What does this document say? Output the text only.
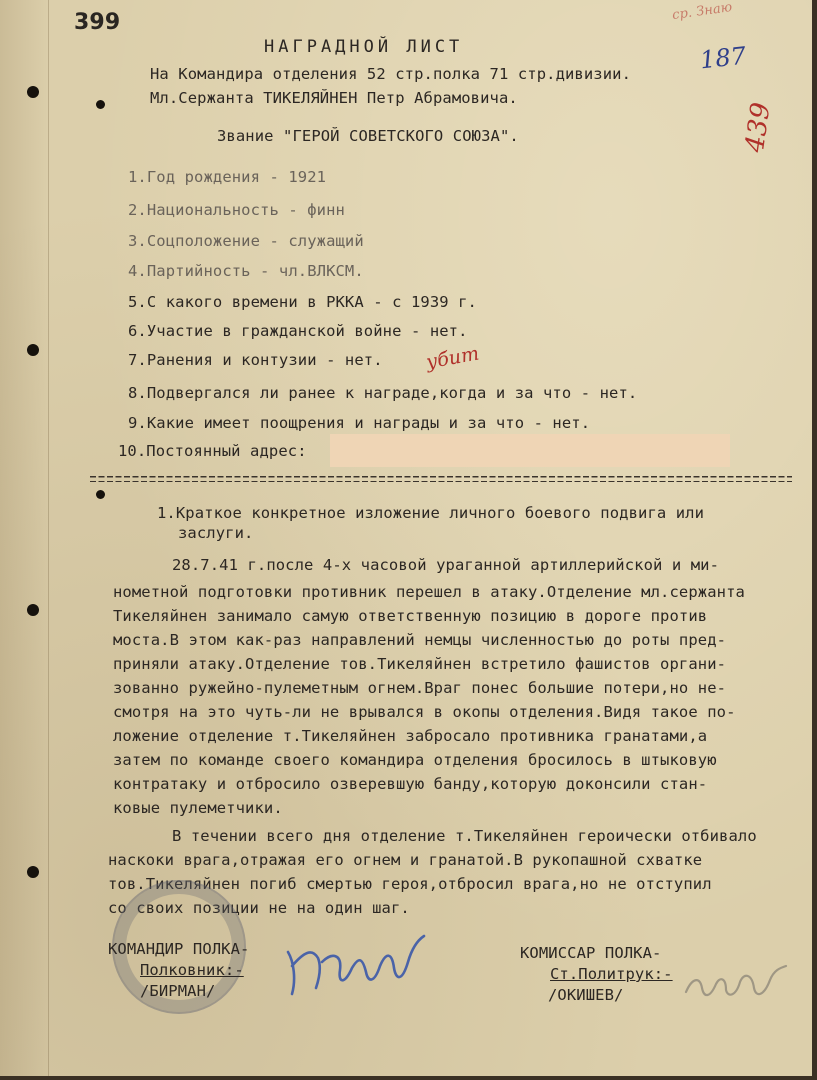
399
187
439
ср. Знаю
НАГРАДНОЙ ЛИСТ
На Командира отделения 52 стр.полка 71 стр.дивизии.
Мл.Сержанта ТИКЕЛЯЙНЕН Петр Абрамовича.
Звание "ГЕРОЙ СОВЕТСКОГО СОЮЗА".
1.Год рождения - 1921
2.Национальность - финн
3.Соцположение - служащий
4.Партийность - чл.ВЛКСМ.
5.С какого времени в РККА - с 1939 г.
6.Участие в гражданской войне - нет.
7.Ранения и контузии - нет. убит
8.Подвергался ли ранее к награде,когда и за что - нет.
9.Какие имеет поощрения и награды и за что - нет.
10.Постоянный адрес:
1.Краткое конкретное изложение личного боевого подвига или
заслуги.
28.7.41 г.после 4-х часовой ураганной артиллерийской и ми-
нометной подготовки противник перешел в атаку.Отделение мл.сержанта
Тикеляйнен занимало самую ответственную позицию в дороге против
моста.В этом как-раз направлений немцы численностью до роты пред-
приняли атаку.Отделение тов.Тикеляйнен встретило фашистов органи-
зованно ружейно-пулеметным огнем.Враг понес большие потери,но не-
смотря на это чуть-ли не врывался в окопы отделения.Видя такое по-
ложение отделение т.Тикеляйнен забросало противника гранатами,а
затем по команде своего командира отделения бросилось в штыковую
контратаку и отбросило озверевшую банду,которую доконсили стан-
ковые пулеметчики.
В течении всего дня отделение т.Тикеляйнен героически отбивало
наскоки врага,отражая его огнем и гранатой.В рукопашной схватке
тов.Тикеляйнен погиб смертью героя,отбросил врага,но не отступил
со своих позиции не на один шаг.
КОМАНДИР ПОЛКА-
Полковник:-
/БИРМАН/
КОМИССАР ПОЛКА-
Ст.Политрук:-
/ОКИШЕВ/
